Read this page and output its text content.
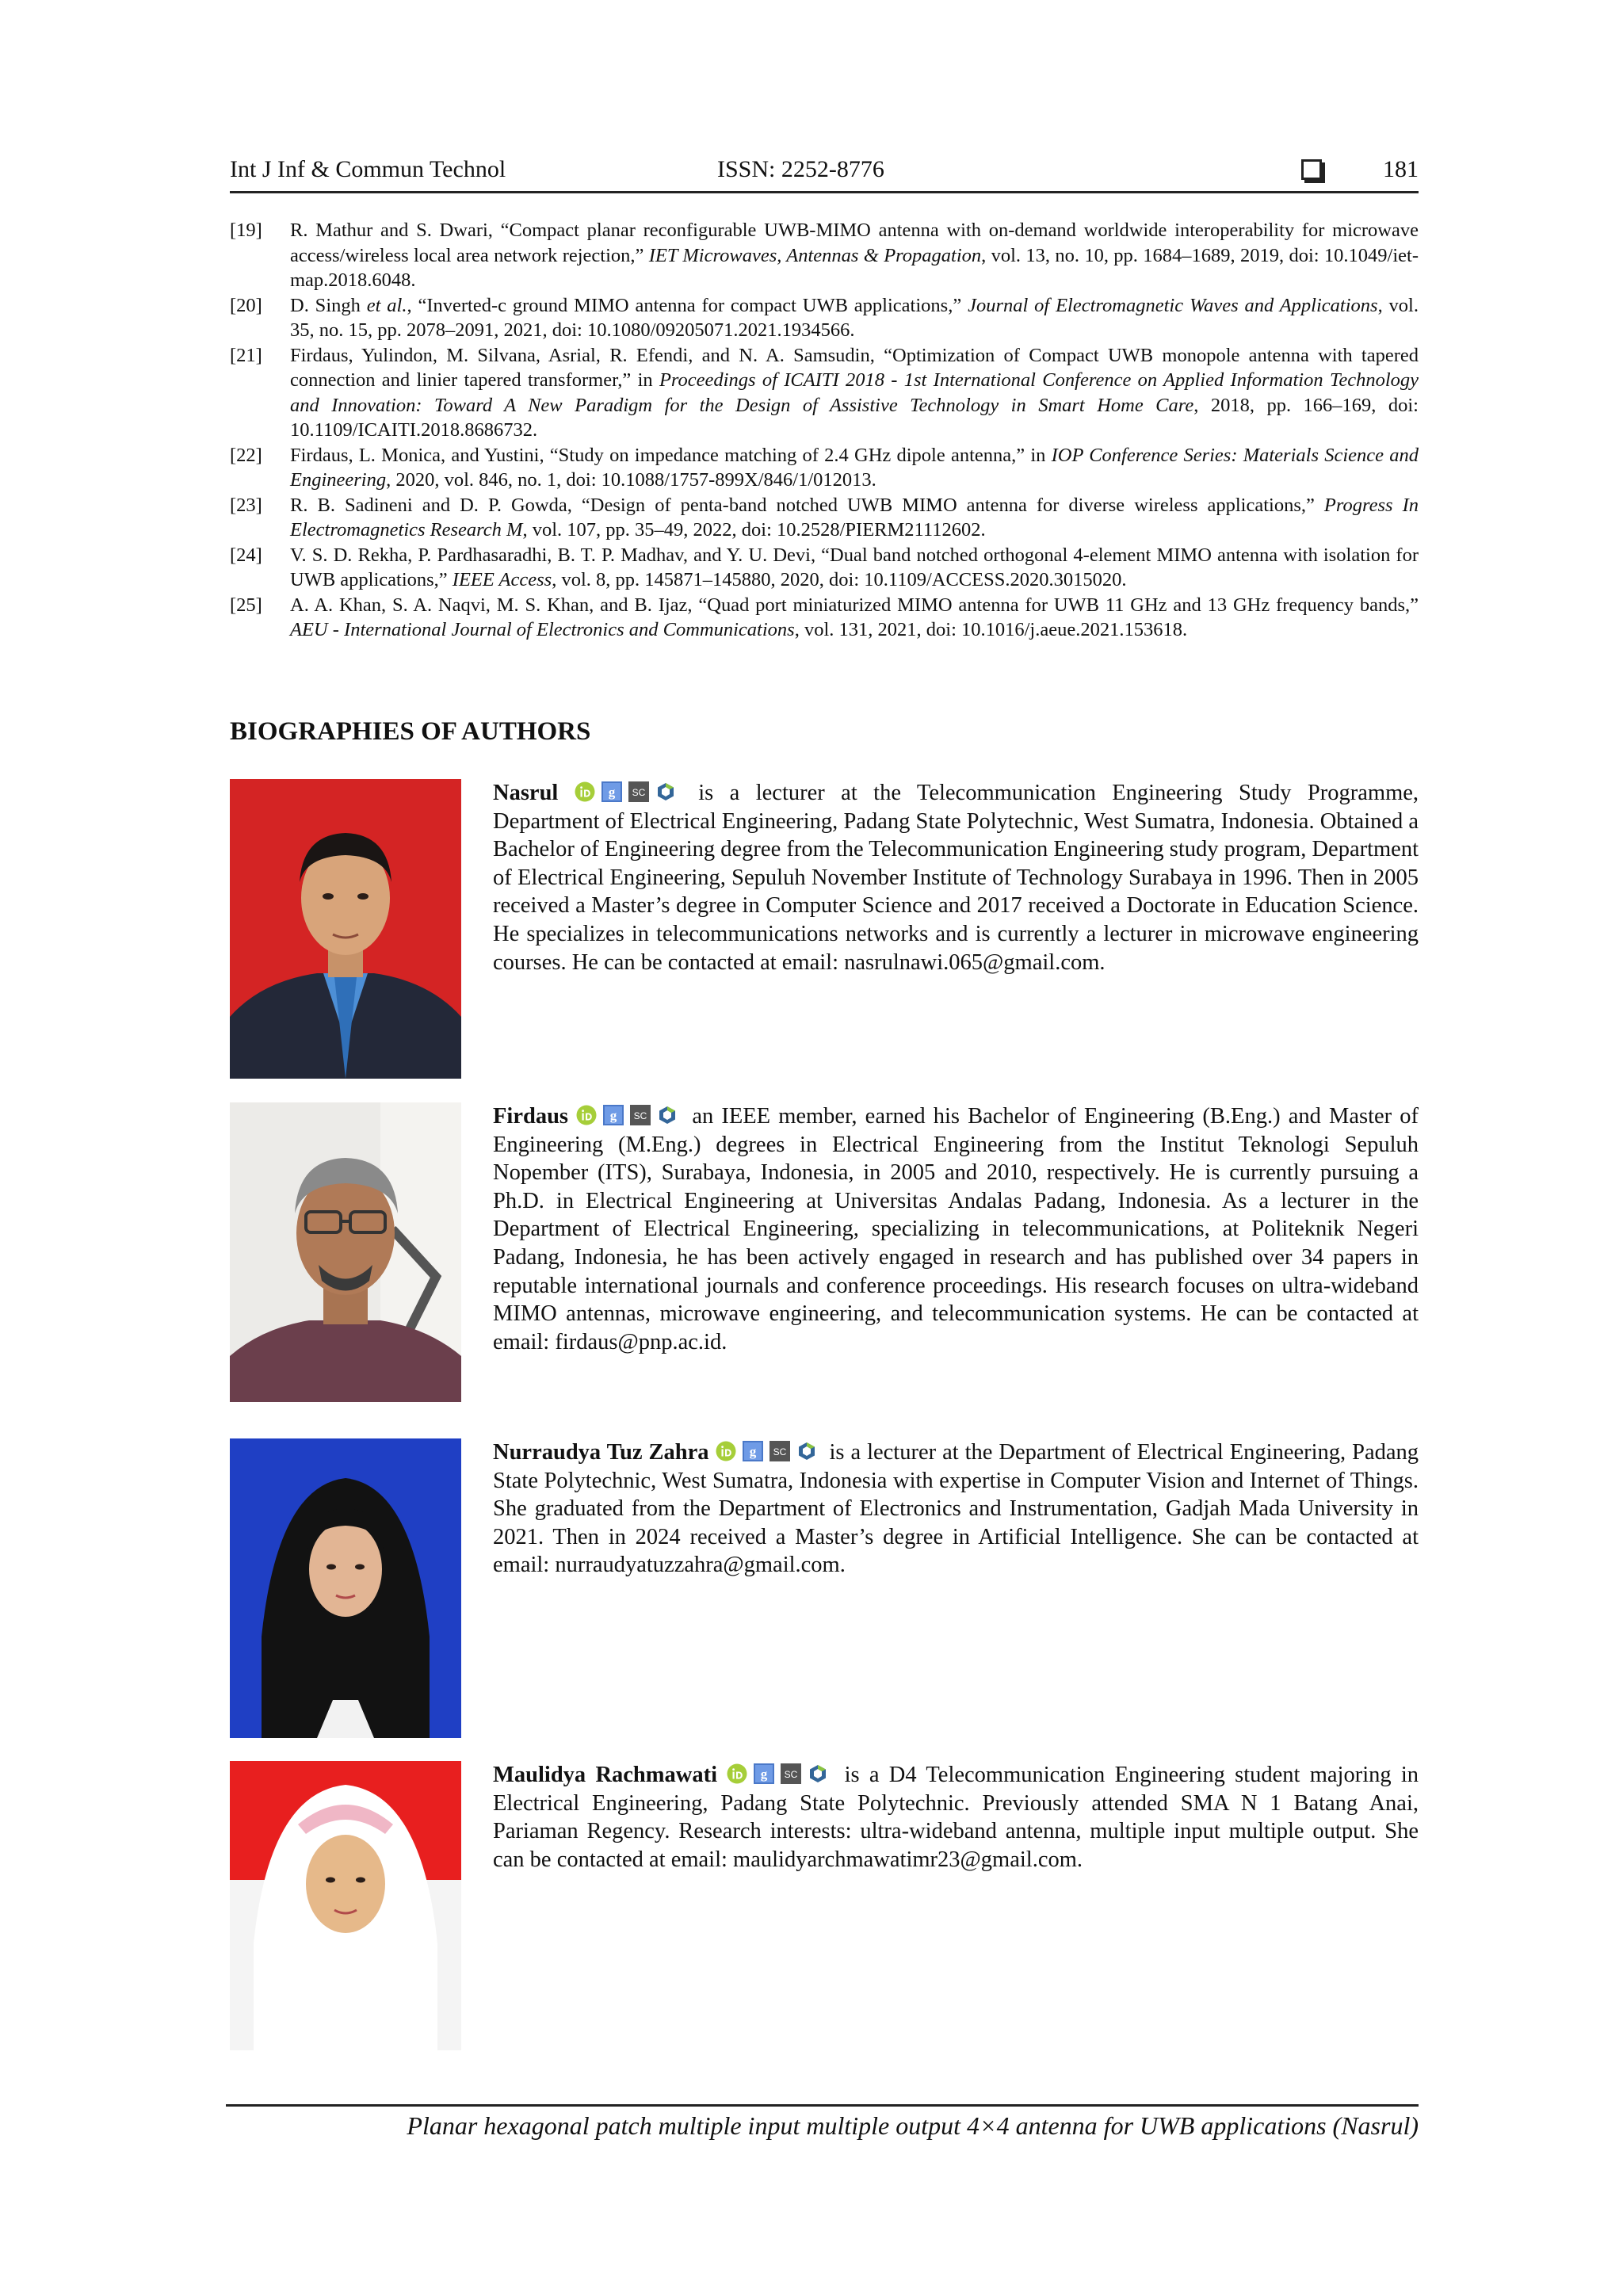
Int J Inf & Commun Technol	ISSN: 2252-8776	181
[19]	R. Mathur and S. Dwari, “Compact planar reconfigurable UWB-MIMO antenna with on-demand worldwide interoperability for microwave access/wireless local area network rejection,” IET Microwaves, Antennas & Propagation, vol. 13, no. 10, pp. 1684–1689, 2019, doi: 10.1049/iet-map.2018.6048.
[20]	D. Singh et al., “Inverted-c ground MIMO antenna for compact UWB applications,” Journal of Electromagnetic Waves and Applications, vol. 35, no. 15, pp. 2078–2091, 2021, doi: 10.1080/09205071.2021.1934566.
[21]	Firdaus, Yulindon, M. Silvana, Asrial, R. Efendi, and N. A. Samsudin, “Optimization of Compact UWB monopole antenna with tapered connection and linier tapered transformer,” in Proceedings of ICAITI 2018 - 1st International Conference on Applied Information Technology and Innovation: Toward A New Paradigm for the Design of Assistive Technology in Smart Home Care, 2018, pp. 166–169, doi: 10.1109/ICAITI.2018.8686732.
[22]	Firdaus, L. Monica, and Yustini, “Study on impedance matching of 2.4 GHz dipole antenna,” in IOP Conference Series: Materials Science and Engineering, 2020, vol. 846, no. 1, doi: 10.1088/1757-899X/846/1/012013.
[23]	R. B. Sadineni and D. P. Gowda, “Design of penta-band notched UWB MIMO antenna for diverse wireless applications,” Progress In Electromagnetics Research M, vol. 107, pp. 35–49, 2022, doi: 10.2528/PIERM21112602.
[24]	V. S. D. Rekha, P. Pardhasaradhi, B. T. P. Madhav, and Y. U. Devi, “Dual band notched orthogonal 4-element MIMO antenna with isolation for UWB applications,” IEEE Access, vol. 8, pp. 145871–145880, 2020, doi: 10.1109/ACCESS.2020.3015020.
[25]	A. A. Khan, S. A. Naqvi, M. S. Khan, and B. Ijaz, “Quad port miniaturized MIMO antenna for UWB 11 GHz and 13 GHz frequency bands,” AEU - International Journal of Electronics and Communications, vol. 131, 2021, doi: 10.1016/j.aeue.2021.153618.
BIOGRAPHIES OF AUTHORS
Nasrul	is a lecturer at the Telecommunication Engineering Study Programme, Department of Electrical Engineering, Padang State Polytechnic, West Sumatra, Indonesia. Obtained a Bachelor of Engineering degree from the Telecommunication Engineering study program, Department of Electrical Engineering, Sepuluh November Institute of Technology Surabaya in 1996. Then in 2005 received a Master’s degree in Computer Science and 2017 received a Doctorate in Education Science. He specializes in telecommunications networks and is currently a lecturer in microwave engineering courses. He can be contacted at email: nasrulnawi.065@gmail.com.
Firdaus	an IEEE member, earned his Bachelor of Engineering (B.Eng.) and Master of Engineering (M.Eng.) degrees in Electrical Engineering from the Institut Teknologi Sepuluh Nopember (ITS), Surabaya, Indonesia, in 2005 and 2010, respectively. He is currently pursuing a Ph.D. in Electrical Engineering at Universitas Andalas Padang, Indonesia. As a lecturer in the Department of Electrical Engineering, specializing in telecommunications, at Politeknik Negeri Padang, Indonesia, he has been actively engaged in research and has published over 34 papers in reputable international journals and conference proceedings. His research focuses on ultra-wideband MIMO antennas, microwave engineering, and telecommunication systems. He can be contacted at email: firdaus@pnp.ac.id.
Nurraudya Tuz Zahra	is a lecturer at the Department of Electrical Engineering, Padang State Polytechnic, West Sumatra, Indonesia with expertise in Computer Vision and Internet of Things. She graduated from the Department of Electronics and Instrumentation, Gadjah Mada University in 2021. Then in 2024 received a Master’s degree in Artificial Intelligence. She can be contacted at email: nurraudyatuzzahra@gmail.com.
Maulidya Rachmawati	is a D4 Telecommunication Engineering student majoring in Electrical Engineering, Padang State Polytechnic. Previously attended SMA N 1 Batang Anai, Pariaman Regency. Research interests: ultra-wideband antenna, multiple input multiple output. She can be contacted at email: maulidyarchmawatimr23@gmail.com.
Planar hexagonal patch multiple input multiple output 4×4 antenna for UWB applications (Nasrul)
